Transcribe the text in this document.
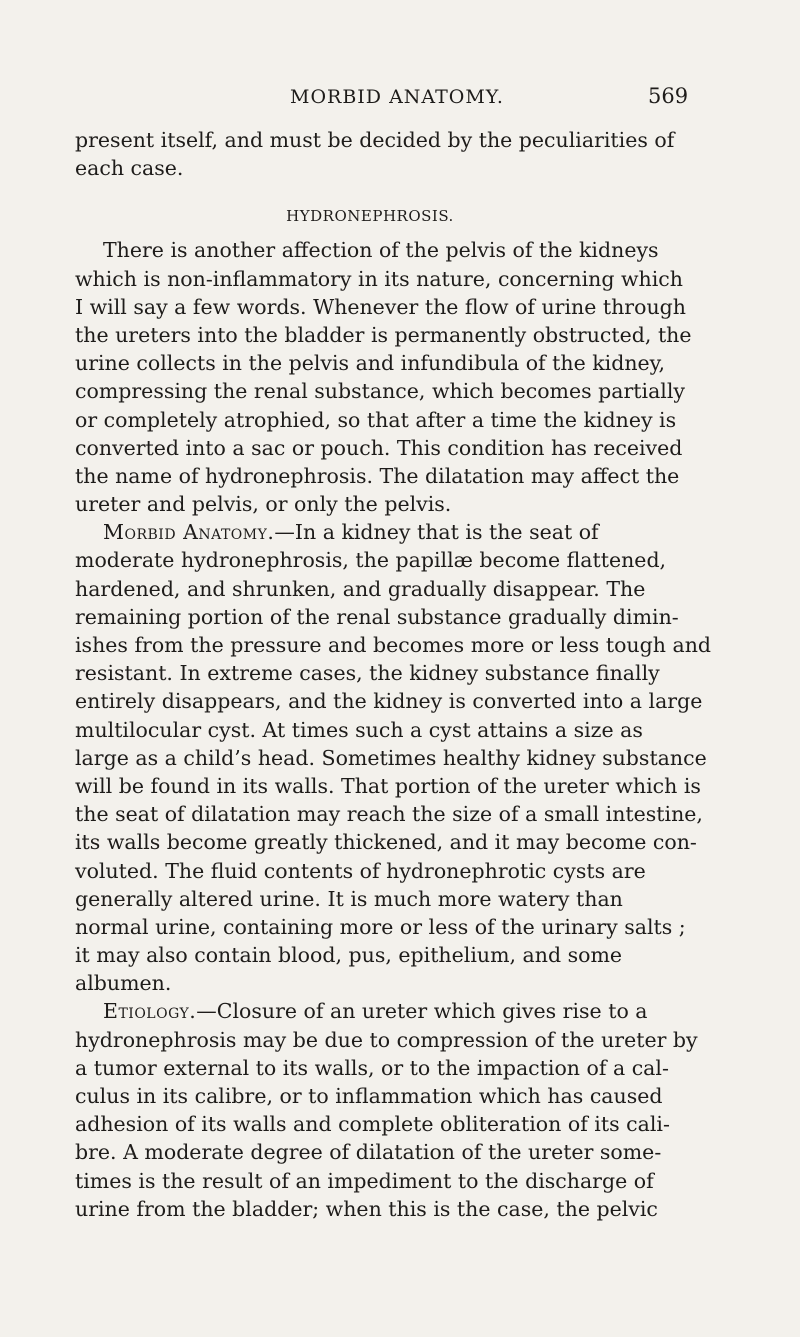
MORBID ANATOMY.	569
present itself, and must be decided by the peculiarities of
each case.
HYDRONEPHROSIS.
There is another affection of the pelvis of the kidneys
which is non-inflammatory in its nature, concerning which
I will say a few words. Whenever the flow of urine through
the ureters into the bladder is permanently obstructed, the
urine collects in the pelvis and infundibula of the kidney,
compressing the renal substance, which becomes partially
or completely atrophied, so that after a time the kidney is
converted into a sac or pouch. This condition has received
the name of hydronephrosis. The dilatation may affect the
ureter and pelvis, or only the pelvis.
Morbid Anatomy.—In a kidney that is the seat of
moderate hydronephrosis, the papillæ become flattened,
hardened, and shrunken, and gradually disappear. The
remaining portion of the renal substance gradually dimin-
ishes from the pressure and becomes more or less tough and
resistant. In extreme cases, the kidney substance finally
entirely disappears, and the kidney is converted into a large
multilocular cyst. At times such a cyst attains a size as
large as a child’s head. Sometimes healthy kidney substance
will be found in its walls. That portion of the ureter which is
the seat of dilatation may reach the size of a small intestine,
its walls become greatly thickened, and it may become con-
voluted. The fluid contents of hydronephrotic cysts are
generally altered urine. It is much more watery than
normal urine, containing more or less of the urinary salts ;
it may also contain blood, pus, epithelium, and some
albumen.
Etiology.—Closure of an ureter which gives rise to a
hydronephrosis may be due to compression of the ureter by
a tumor external to its walls, or to the impaction of a cal-
culus in its calibre, or to inflammation which has caused
adhesion of its walls and complete obliteration of its cali-
bre. A moderate degree of dilatation of the ureter some-
times is the result of an impediment to the discharge of
urine from the bladder; when this is the case, the pelvic
